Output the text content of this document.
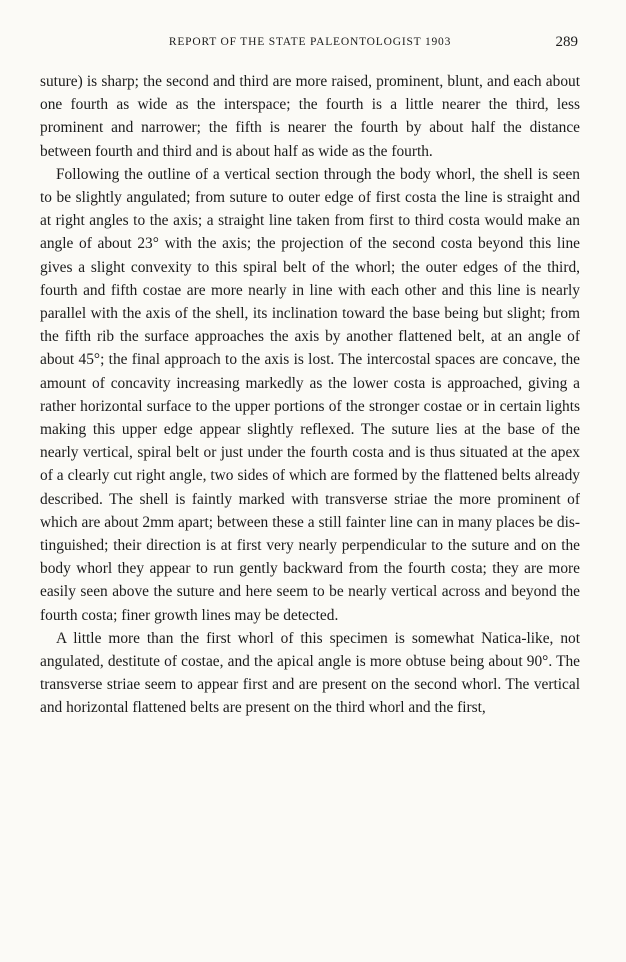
REPORT OF THE STATE PALEONTOLOGIST 1903	289

suture) is sharp; the second and third are more raised, prominent, blunt, and each about one fourth as wide as the interspace; the fourth is a little nearer the third, less prominent and narrower; the fifth is nearer the fourth by about half the distance between fourth and third and is about half as wide as the fourth.

Following the outline of a vertical section through the body whorl, the shell is seen to be slightly angulated; from suture to outer edge of first costa the line is straight and at right angles to the axis; a straight line taken from first to third costa would make an angle of about 23° with the axis; the projection of the second costa beyond this line gives a slight convexity to this spiral belt of the whorl; the outer edges of the third, fourth and fifth costae are more nearly in line with each other and this line is nearly parallel with the axis of the shell, its inclination toward the base being but slight; from the fifth rib the surface approaches the axis by another flattened belt, at an angle of about 45°; the final approach to the axis is lost. The intercostal spaces are concave, the amount of concavity increasing markedly as the lower costa is approached, giving a rather horizontal surface to the upper portions of the stronger costae or in certain lights making this upper edge appear slightly reflexed. The suture lies at the base of the nearly vertical, spiral belt or just under the fourth costa and is thus situated at the apex of a clearly cut right angle, two sides of which are formed by the flattened belts already described. The shell is faintly marked with transverse striae the more prominent of which are about 2mm apart; between these a still fainter line can in many places be distinguished; their direction is at first very nearly perpendicular to the suture and on the body whorl they appear to run gently backward from the fourth costa; they are more easily seen above the suture and here seem to be nearly vertical across and beyond the fourth costa; finer growth lines may be detected.

A little more than the first whorl of this specimen is somewhat Natica-like, not angulated, destitute of costae, and the apical angle is more obtuse being about 90°. The transverse striae seem to appear first and are present on the second whorl. The vertical and horizontal flattened belts are present on the third whorl and the first,
